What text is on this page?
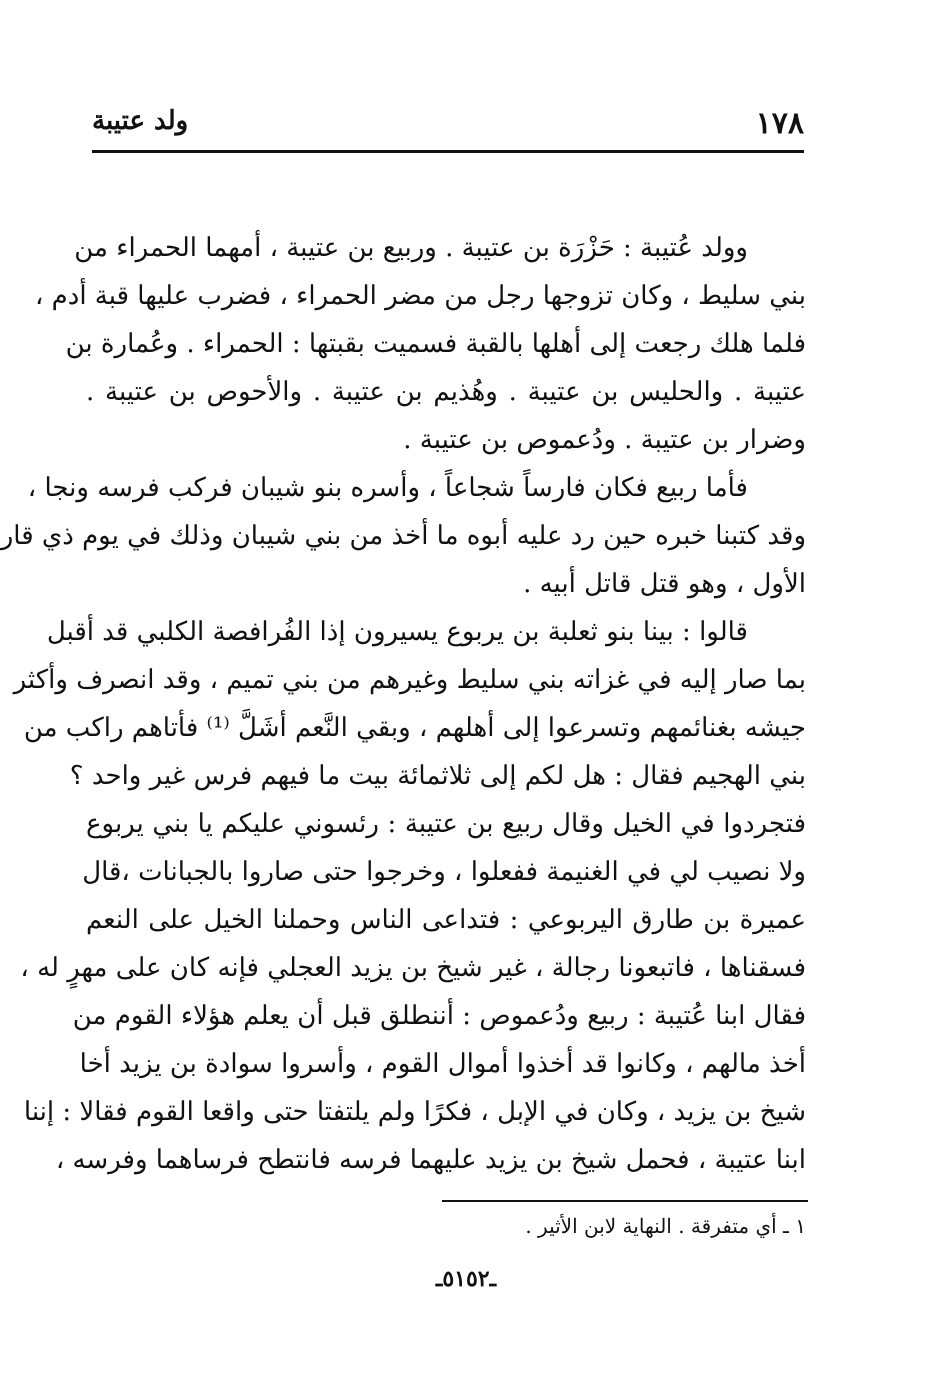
١٧٨
ولد عتيبة
وولد عُتيبة : حَزْرَة بن عتيبة . وربيع بن عتيبة ، أمهما الحمراء من
بني سليط ، وكان تزوجها رجل من مضر الحمراء ، فضرب عليها قبة أدم ،
فلما هلك رجعت إلى أهلها بالقبة فسميت بقبتها : الحمراء . وعُمارة بن
عتيبة . والحليس بن عتيبة . وهُذيم بن عتيبة . والأحوص بن عتيبة .
وضرار بن عتيبة . ودُعموص بن عتيبة .
فأما ربيع فكان فارساً شجاعاً ، وأسره بنو شيبان فركب فرسه ونجا ،
وقد كتبنا خبره حين رد عليه أبوه ما أخذ من بني شيبان وذلك في يوم ذي قار
الأول ، وهو قتل قاتل أبيه .
قالوا : بينا بنو ثعلبة بن يربوع يسيرون إذا الفُرافصة الكلبي قد أقبل
بما صار إليه في غزاته بني سليط وغيرهم من بني تميم ، وقد انصرف وأكثر
جيشه بغنائمهم وتسرعوا إلى أهلهم ، وبقي النَّعم أشَلَّ ⁽¹⁾ فأتاهم راكب من
بني الهجيم فقال : هل لكم إلى ثلاثمائة بيت ما فيهم فرس غير واحد ؟
فتجردوا في الخيل وقال ربيع بن عتيبة : رئسوني عليكم يا بني يربوع
ولا نصيب لي في الغنيمة ففعلوا ، وخرجوا حتى صاروا بالجبانات ،قال
عميرة بن طارق اليربوعي : فتداعى الناس وحملنا الخيل على النعم
فسقناها ، فاتبعونا رجالة ، غير شيخ بن يزيد العجلي فإنه كان على مهرٍ له ،
فقال ابنا عُتيبة : ربيع ودُعموص : أننطلق قبل أن يعلم هؤلاء القوم من
أخذ مالهم ، وكانوا قد أخذوا أموال القوم ، وأسروا سوادة بن يزيد أخا
شيخ بن يزيد ، وكان في الإبل ، فكرًا ولم يلتفتا حتى واقعا القوم فقالا : إننا
ابنا عتيبة ، فحمل شيخ بن يزيد عليهما فرسه فانتطح فرساهما وفرسه ،
١ ـ أي متفرقة . النهاية لابن الأثير .
ـ٥١٥٢ـ
